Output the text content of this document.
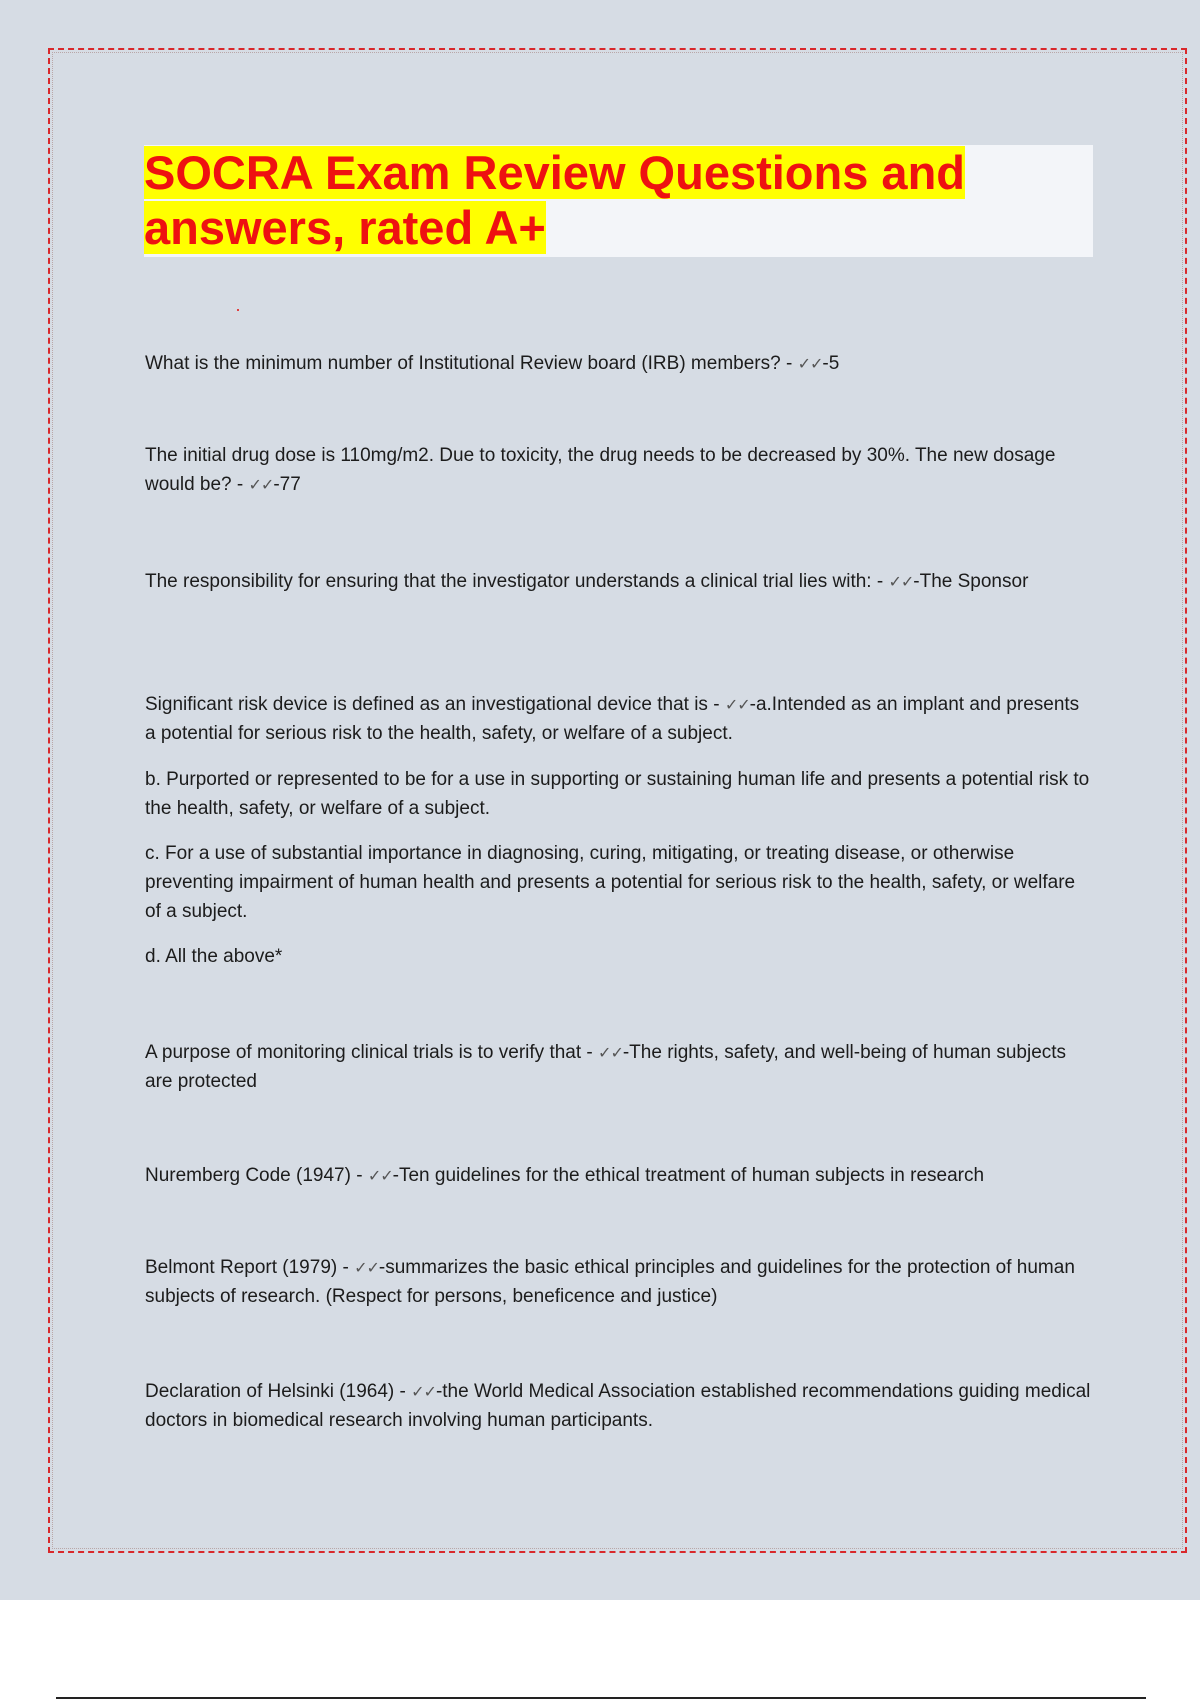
SOCRA Exam Review Questions and
answers, rated A+

What is the minimum number of Institutional Review board (IRB) members? - ✓✓-5

The initial drug dose is 110mg/m2. Due to toxicity, the drug needs to be decreased by 30%. The new dosage would be? - ✓✓-77

The responsibility for ensuring that the investigator understands a clinical trial lies with: - ✓✓-The Sponsor

Significant risk device is defined as an investigational device that is - ✓✓-a.Intended as an implant and presents a potential for serious risk to the health, safety, or welfare of a subject.

b. Purported or represented to be for a use in supporting or sustaining human life and presents a potential risk to the health, safety, or welfare of a subject.

c. For a use of substantial importance in diagnosing, curing, mitigating, or treating disease, or otherwise preventing impairment of human health and presents a potential for serious risk to the health, safety, or welfare of a subject.

d. All the above*

A purpose of monitoring clinical trials is to verify that - ✓✓-The rights, safety, and well-being of human subjects are protected

Nuremberg Code (1947) - ✓✓-Ten guidelines for the ethical treatment of human subjects in research

Belmont Report (1979) - ✓✓-summarizes the basic ethical principles and guidelines for the protection of human subjects of research. (Respect for persons, beneficence and justice)

Declaration of Helsinki (1964) - ✓✓-the World Medical Association established recommendations guiding medical doctors in biomedical research involving human participants.
